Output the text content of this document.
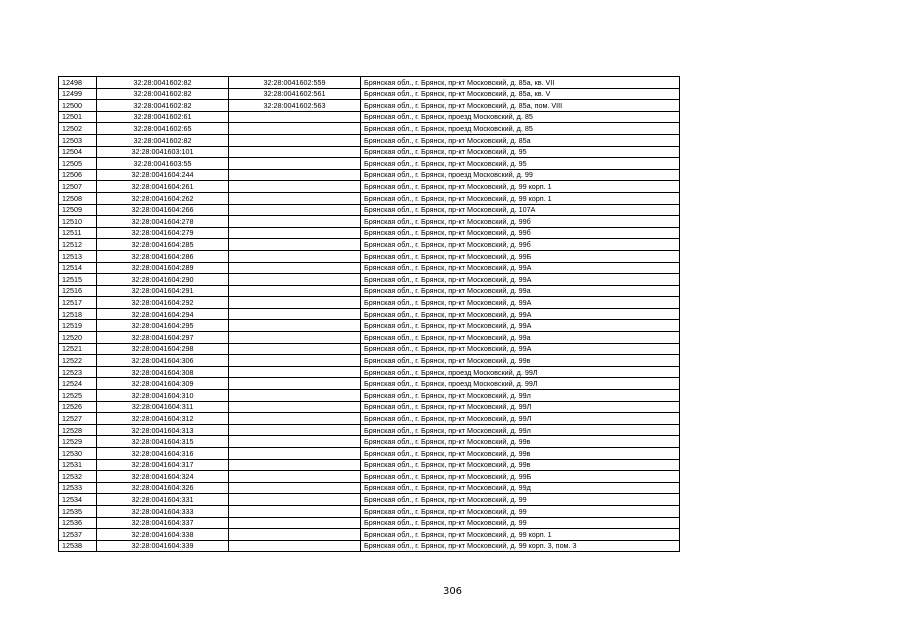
12498	32:28:0041602:82	32:28:0041602:559	Брянская обл., г. Брянск, пр-кт Московский, д. 85а, кв. VII
12499	32:28:0041602:82	32:28:0041602:561	Брянская обл., г. Брянск, пр-кт Московский, д. 85а, кв. V
12500	32:28:0041602:82	32:28:0041602:563	Брянская обл., г. Брянск, пр-кт Московский, д. 85а, пом. VIII
12501	32:28:0041602:61		Брянская обл., г. Брянск, проезд Московский, д. 85
12502	32:28:0041602:65		Брянская обл., г. Брянск, проезд Московский, д. 85
12503	32:28:0041602:82		Брянская обл., г. Брянск, пр-кт Московский, д. 85а
12504	32:28:0041603:101		Брянская обл., г. Брянск, пр-кт Московский, д. 95
12505	32:28:0041603:55		Брянская обл., г. Брянск, пр-кт Московский, д. 95
12506	32:28:0041604:244		Брянская обл., г. Брянск, проезд Московский, д. 99
12507	32:28:0041604:261		Брянская обл., г. Брянск, пр-кт Московский, д. 99 корп. 1
12508	32:28:0041604:262		Брянская обл., г. Брянск, пр-кт Московский, д. 99 корп. 1
12509	32:28:0041604:266		Брянская обл., г. Брянск, пр-кт Московский, д. 107А
12510	32:28:0041604:278		Брянская обл., г. Брянск, пр-кт Московский, д. 99б
12511	32:28:0041604:279		Брянская обл., г. Брянск, пр-кт Московский, д. 99б
12512	32:28:0041604:285		Брянская обл., г. Брянск, пр-кт Московский, д. 99б
12513	32:28:0041604:286		Брянская обл., г. Брянск, пр-кт Московский, д. 99Б
12514	32:28:0041604:289		Брянская обл., г. Брянск, пр-кт Московский, д. 99А
12515	32:28:0041604:290		Брянская обл., г. Брянск, пр-кт Московский, д. 99А
12516	32:28:0041604:291		Брянская обл., г. Брянск, пр-кт Московский, д. 99а
12517	32:28:0041604:292		Брянская обл., г. Брянск, пр-кт Московский, д. 99А
12518	32:28:0041604:294		Брянская обл., г. Брянск, пр-кт Московский, д. 99А
12519	32:28:0041604:295		Брянская обл., г. Брянск, пр-кт Московский, д. 99А
12520	32:28:0041604:297		Брянская обл., г. Брянск, пр-кт Московский, д. 99а
12521	32:28:0041604:298		Брянская обл., г. Брянск, пр-кт Московский, д. 99А
12522	32:28:0041604:306		Брянская обл., г. Брянск, пр-кт Московский, д. 99в
12523	32:28:0041604:308		Брянская обл., г. Брянск, проезд Московский, д. 99Л
12524	32:28:0041604:309		Брянская обл., г. Брянск, проезд Московский, д. 99Л
12525	32:28:0041604:310		Брянская обл., г. Брянск, пр-кт Московский, д. 99л
12526	32:28:0041604:311		Брянская обл., г. Брянск, пр-кт Московский, д. 99Л
12527	32:28:0041604:312		Брянская обл., г. Брянск, пр-кт Московский, д. 99Л
12528	32:28:0041604:313		Брянская обл., г. Брянск, пр-кт Московский, д. 99л
12529	32:28:0041604:315		Брянская обл., г. Брянск, пр-кт Московский, д. 99в
12530	32:28:0041604:316		Брянская обл., г. Брянск, пр-кт Московский, д. 99в
12531	32:28:0041604:317		Брянская обл., г. Брянск, пр-кт Московский, д. 99в
12532	32:28:0041604:324		Брянская обл., г. Брянск, пр-кт Московский, д. 99Б
12533	32:28:0041604:326		Брянская обл., г. Брянск, пр-кт Московский, д. 99д
12534	32:28:0041604:331		Брянская обл., г. Брянск, пр-кт Московский, д. 99
12535	32:28:0041604:333		Брянская обл., г. Брянск, пр-кт Московский, д. 99
12536	32:28:0041604:337		Брянская обл., г. Брянск, пр-кт Московский, д. 99
12537	32:28:0041604:338		Брянская обл., г. Брянск, пр-кт Московский, д. 99 корп. 1
12538	32:28:0041604:339		Брянская обл., г. Брянск, пр-кт Московский, д. 99 корп. 3, пом. 3
306
